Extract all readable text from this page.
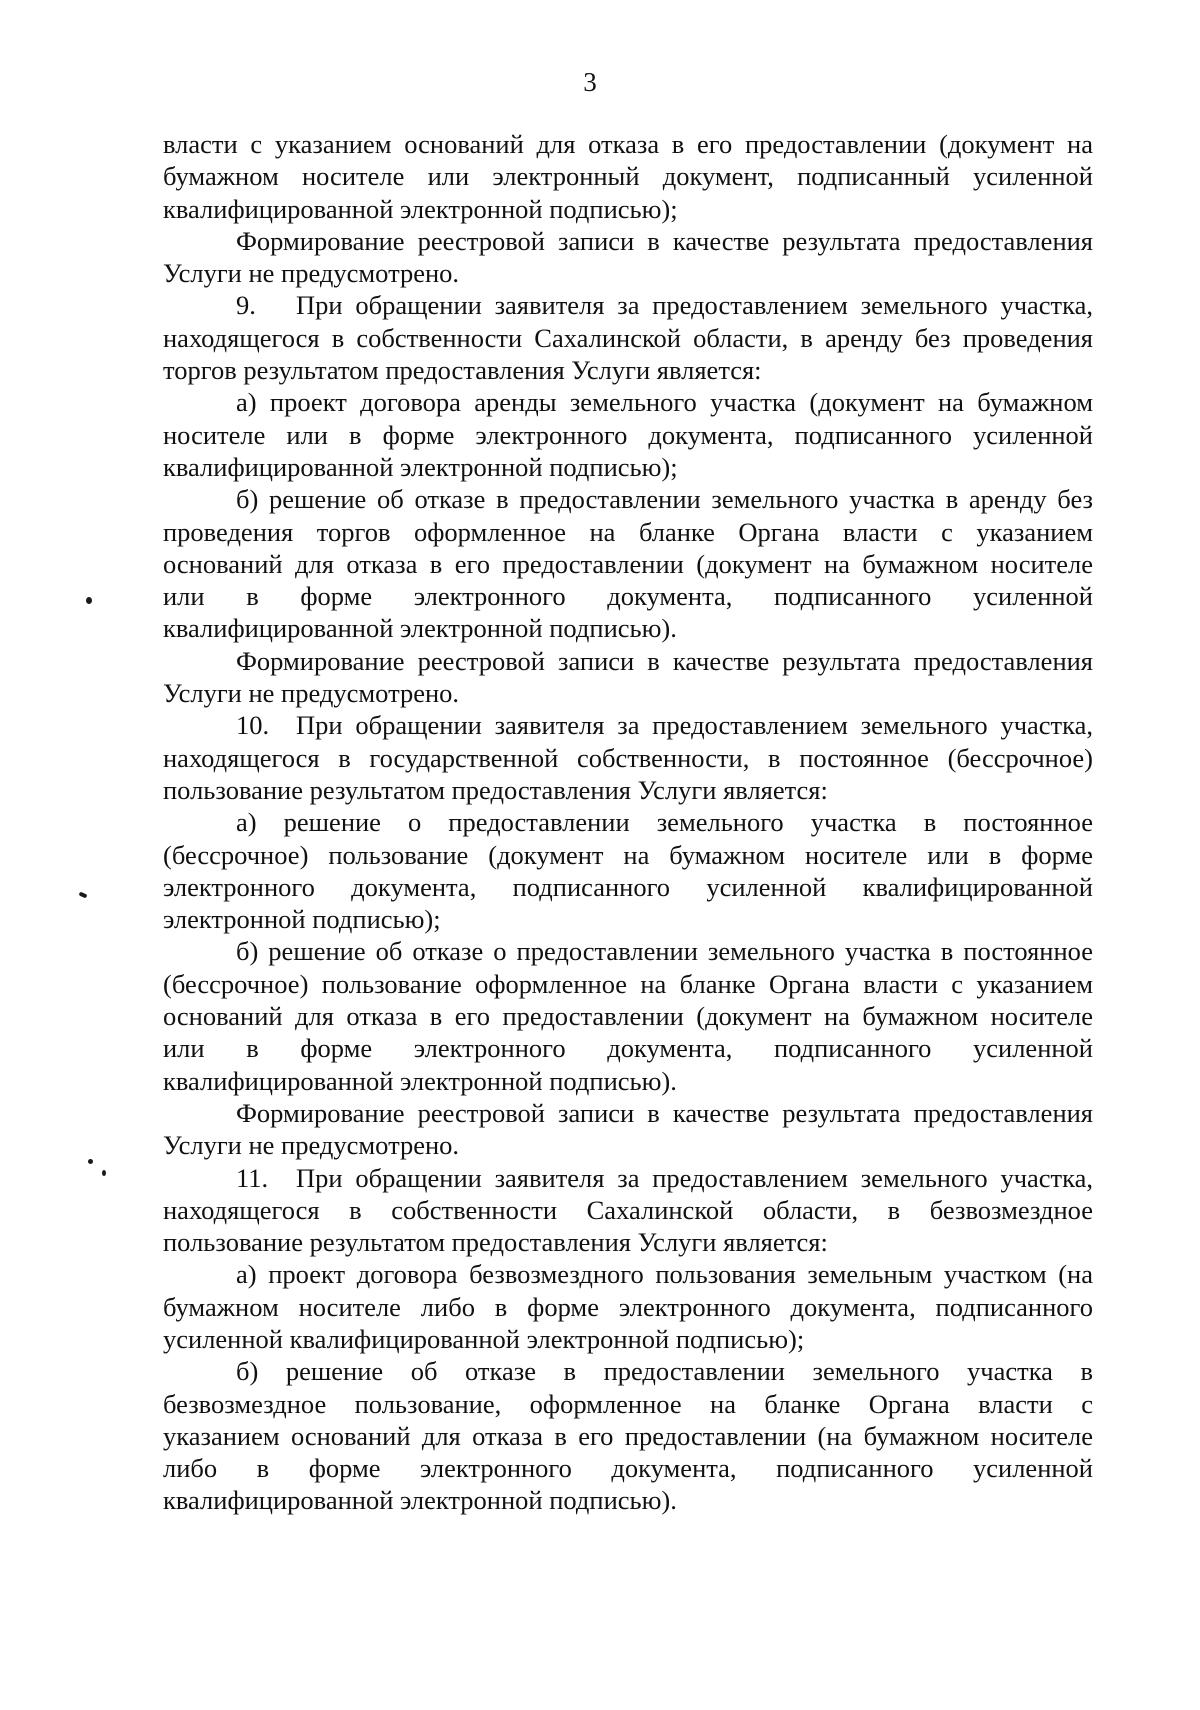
3
власти с указанием оснований для отказа в его предоставлении (документ на
бумажном носителе или электронный документ, подписанный усиленной
квалифицированной электронной подписью);
Формирование реестровой записи в качестве результата предоставления
Услуги не предусмотрено.
9. При обращении заявителя за предоставлением земельного участка,
находящегося в собственности Сахалинской области, в аренду без проведения
торгов результатом предоставления Услуги является:
а) проект договора аренды земельного участка (документ на бумажном
носителе или в форме электронного документа, подписанного усиленной
квалифицированной электронной подписью);
б) решение об отказе в предоставлении земельного участка в аренду без
проведения торгов оформленное на бланке Органа власти с указанием
оснований для отказа в его предоставлении (документ на бумажном носителе
или в форме электронного документа, подписанного усиленной
квалифицированной электронной подписью).
Формирование реестровой записи в качестве результата предоставления
Услуги не предусмотрено.
10. При обращении заявителя за предоставлением земельного участка,
находящегося в государственной собственности, в постоянное (бессрочное)
пользование результатом предоставления Услуги является:
а) решение о предоставлении земельного участка в постоянное
(бессрочное) пользование (документ на бумажном носителе или в форме
электронного документа, подписанного усиленной квалифицированной
электронной подписью);
б) решение об отказе о предоставлении земельного участка в постоянное
(бессрочное) пользование оформленное на бланке Органа власти с указанием
оснований для отказа в его предоставлении (документ на бумажном носителе
или в форме электронного документа, подписанного усиленной
квалифицированной электронной подписью).
Формирование реестровой записи в качестве результата предоставления
Услуги не предусмотрено.
11. При обращении заявителя за предоставлением земельного участка,
находящегося в собственности Сахалинской области, в безвозмездное
пользование результатом предоставления Услуги является:
а) проект договора безвозмездного пользования земельным участком (на
бумажном носителе либо в форме электронного документа, подписанного
усиленной квалифицированной электронной подписью);
б) решение об отказе в предоставлении земельного участка в
безвозмездное пользование, оформленное на бланке Органа власти с
указанием оснований для отказа в его предоставлении (на бумажном носителе
либо в форме электронного документа, подписанного усиленной
квалифицированной электронной подписью).
